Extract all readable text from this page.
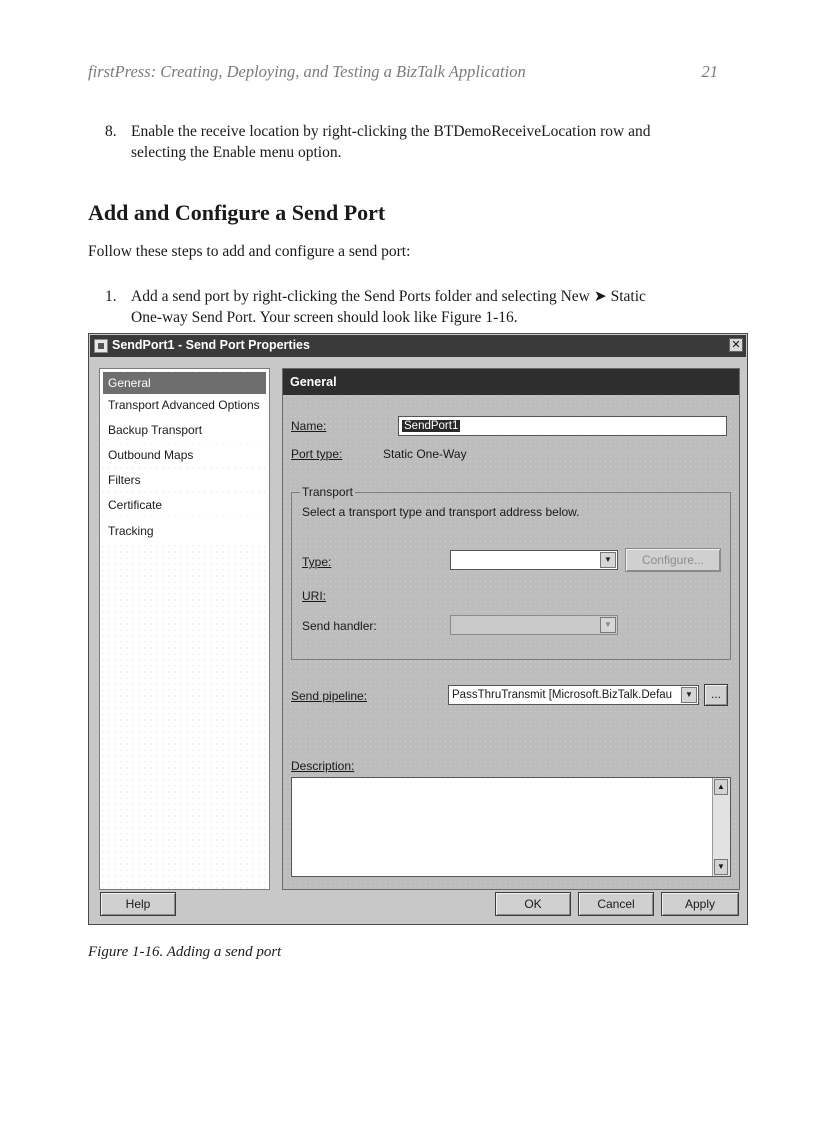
firstPress: Creating, Deploying, and Testing a BizTalk Application	21
8. Enable the receive location by right-clicking the BTDemoReceiveLocation row and
selecting the Enable menu option.
Add and Configure a Send Port
Follow these steps to add and configure a send port:
1. Add a send port by right-clicking the Send Ports folder and selecting New ➤ Static
One-way Send Port. Your screen should look like Figure 1-16.
SendPort1 - Send Port Properties	✕
General
Transport Advanced Options
Backup Transport
Outbound Maps
Filters
Certificate
Tracking
General
Name:	SendPort1
Port type:	Static One-Way
Transport
Select a transport type and transport address below.
Type:	▼	Configure...
URI:
Send handler:	▼
Send pipeline:	PassThruTransmit [Microsoft.BizTalk.Defau	▼	...
Description:
▲
▼
Help	OK	Cancel	Apply
Figure 1-16. Adding a send port
